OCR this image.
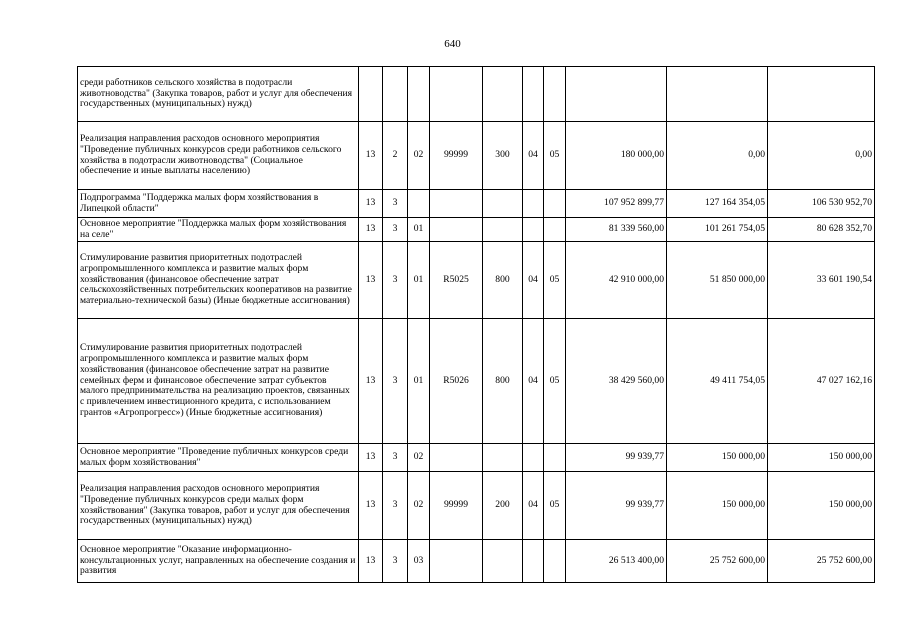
640
среди работников сельского хозяйства в подотрасли животноводства" (Закупка товаров, работ и услуг для обеспечения государственных (муниципальных) нужд)										
Реализация направления расходов основного мероприятия "Проведение публичных конкурсов среди работников сельского хозяйства в подотрасли животноводства" (Социальное обеспечение и иные выплаты населению)	13	2	02	99999	300	04	05	180 000,00	0,00	0,00
Подпрограмма "Поддержка малых форм хозяйствования в Липецкой области"	13	3						107 952 899,77	127 164 354,05	106 530 952,70
Основное мероприятие "Поддержка малых форм хозяйствования на селе"	13	3	01					81 339 560,00	101 261 754,05	80 628 352,70
Стимулирование развития приоритетных подотраслей агропромышленного комплекса и развитие малых форм хозяйствования (финансовое обеспечение затрат сельскохозяйственных потребительских кооперативов на развитие материально-технической базы) (Иные бюджетные ассигнования)	13	3	01	R5025	800	04	05	42 910 000,00	51 850 000,00	33 601 190,54
Стимулирование развития приоритетных подотраслей агропромышленного комплекса и развитие малых форм хозяйствования (финансовое обеспечение затрат на развитие семейных ферм и финансовое обеспечение затрат субъектов малого предпринимательства на реализацию проектов, связанных с привлечением инвестиционного кредита, с использованием грантов «Агропрогресс») (Иные бюджетные ассигнования)	13	3	01	R5026	800	04	05	38 429 560,00	49 411 754,05	47 027 162,16
Основное мероприятие "Проведение публичных конкурсов среди малых форм хозяйствования"	13	3	02					99 939,77	150 000,00	150 000,00
Реализация направления расходов основного мероприятия "Проведение публичных конкурсов среди малых форм хозяйствования" (Закупка товаров, работ и услуг для обеспечения государственных (муниципальных) нужд)	13	3	02	99999	200	04	05	99 939,77	150 000,00	150 000,00
Основное мероприятие "Оказание информационно-консультационных услуг, направленных на обеспечение создания и развития	13	3	03					26 513 400,00	25 752 600,00	25 752 600,00
